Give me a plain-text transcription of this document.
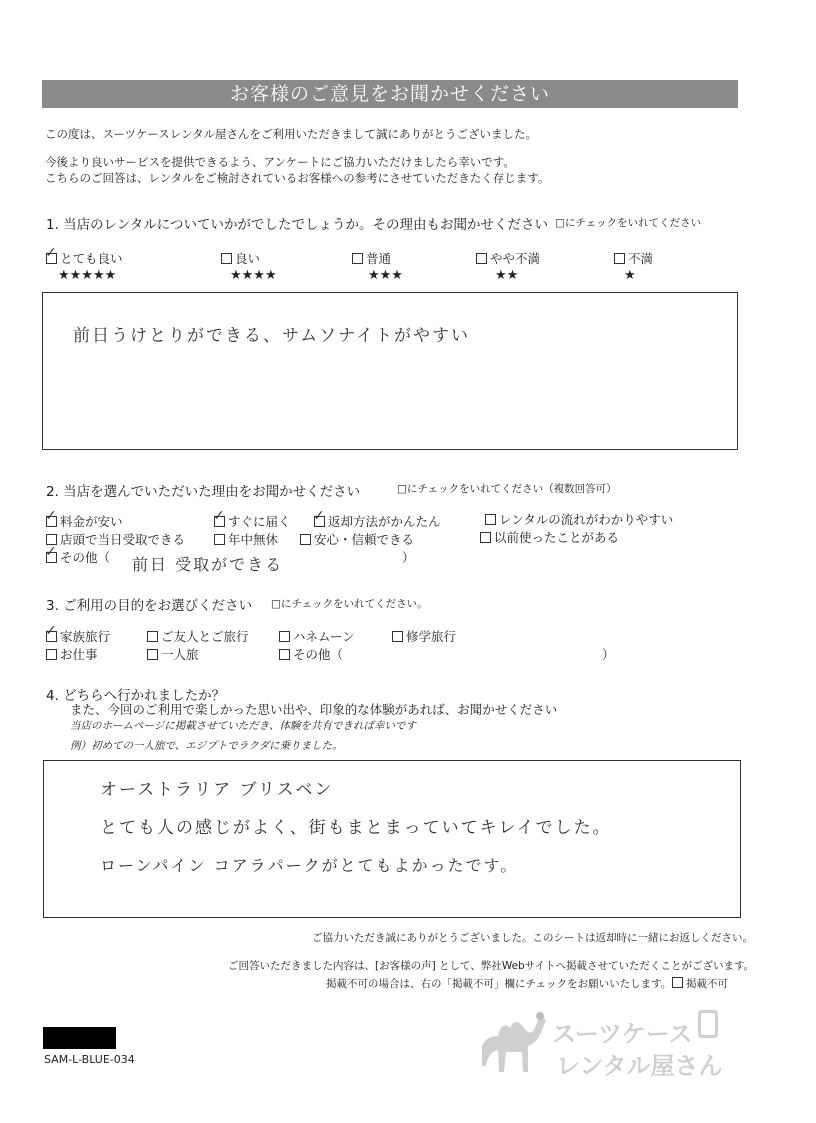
お客様のご意見をお聞かせください
この度は、スーツケースレンタル屋さんをご利用いただきまして誠にありがとうございました。
今後より良いサービスを提供できるよう、アンケートにご協力いただけましたら幸いです。
こちらのご回答は、レンタルをご検討されているお客様への参考にさせていただきたく存じます。
1. 当店のレンタルについていかがでしたでしょうか。その理由もお聞かせください □にチェックをいれてください
✓ とても良い
★★★★★
良い
★★★★
普通
★★★
やや不満
★★
不満
★
前日うけとりができる、サムソナイトがやすい
2. 当店を選んでいただいた理由をお聞かせください	□にチェックをいれてください（複数回答可）
✓ 料金が安い	✓ すぐに届く ✓ 返却方法がかんたん	レンタルの流れがわかりやすい
店頭で当日受取できる	年中無休	安心・信頼できる	以前使ったことがある
✓ その他（ 前日 受取ができる	）
3. ご利用の目的をお選びください □にチェックをいれてください。
✓ 家族旅行	ご友人とご旅行	ハネムーン	修学旅行
お仕事	一人旅	その他（	）
4. どちらへ行かれましたか？
また、今回のご利用で楽しかった思い出や、印象的な体験があれば、お聞かせください
当店のホームページに掲載させていただき、体験を共有できれば幸いです
例）初めての一人旅で、エジプトでラクダに乗りました。
オーストラリア ブリスベン
とても人の感じがよく、街もまとまっていてキレイでした。
ローンパイン コアラパークがとてもよかったです。
ご協力いただき誠にありがとうございました。このシートは返却時に一緒にお返しください。
ご回答いただきました内容は、[お客様の声] として、弊社Webサイトへ掲載させていただくことがございます。
掲載不可の場合は、右の「掲載不可」欄にチェックをお願いいたします。	掲載不可
SAM-L-BLUE-034
スーツケース
レンタル屋さん
